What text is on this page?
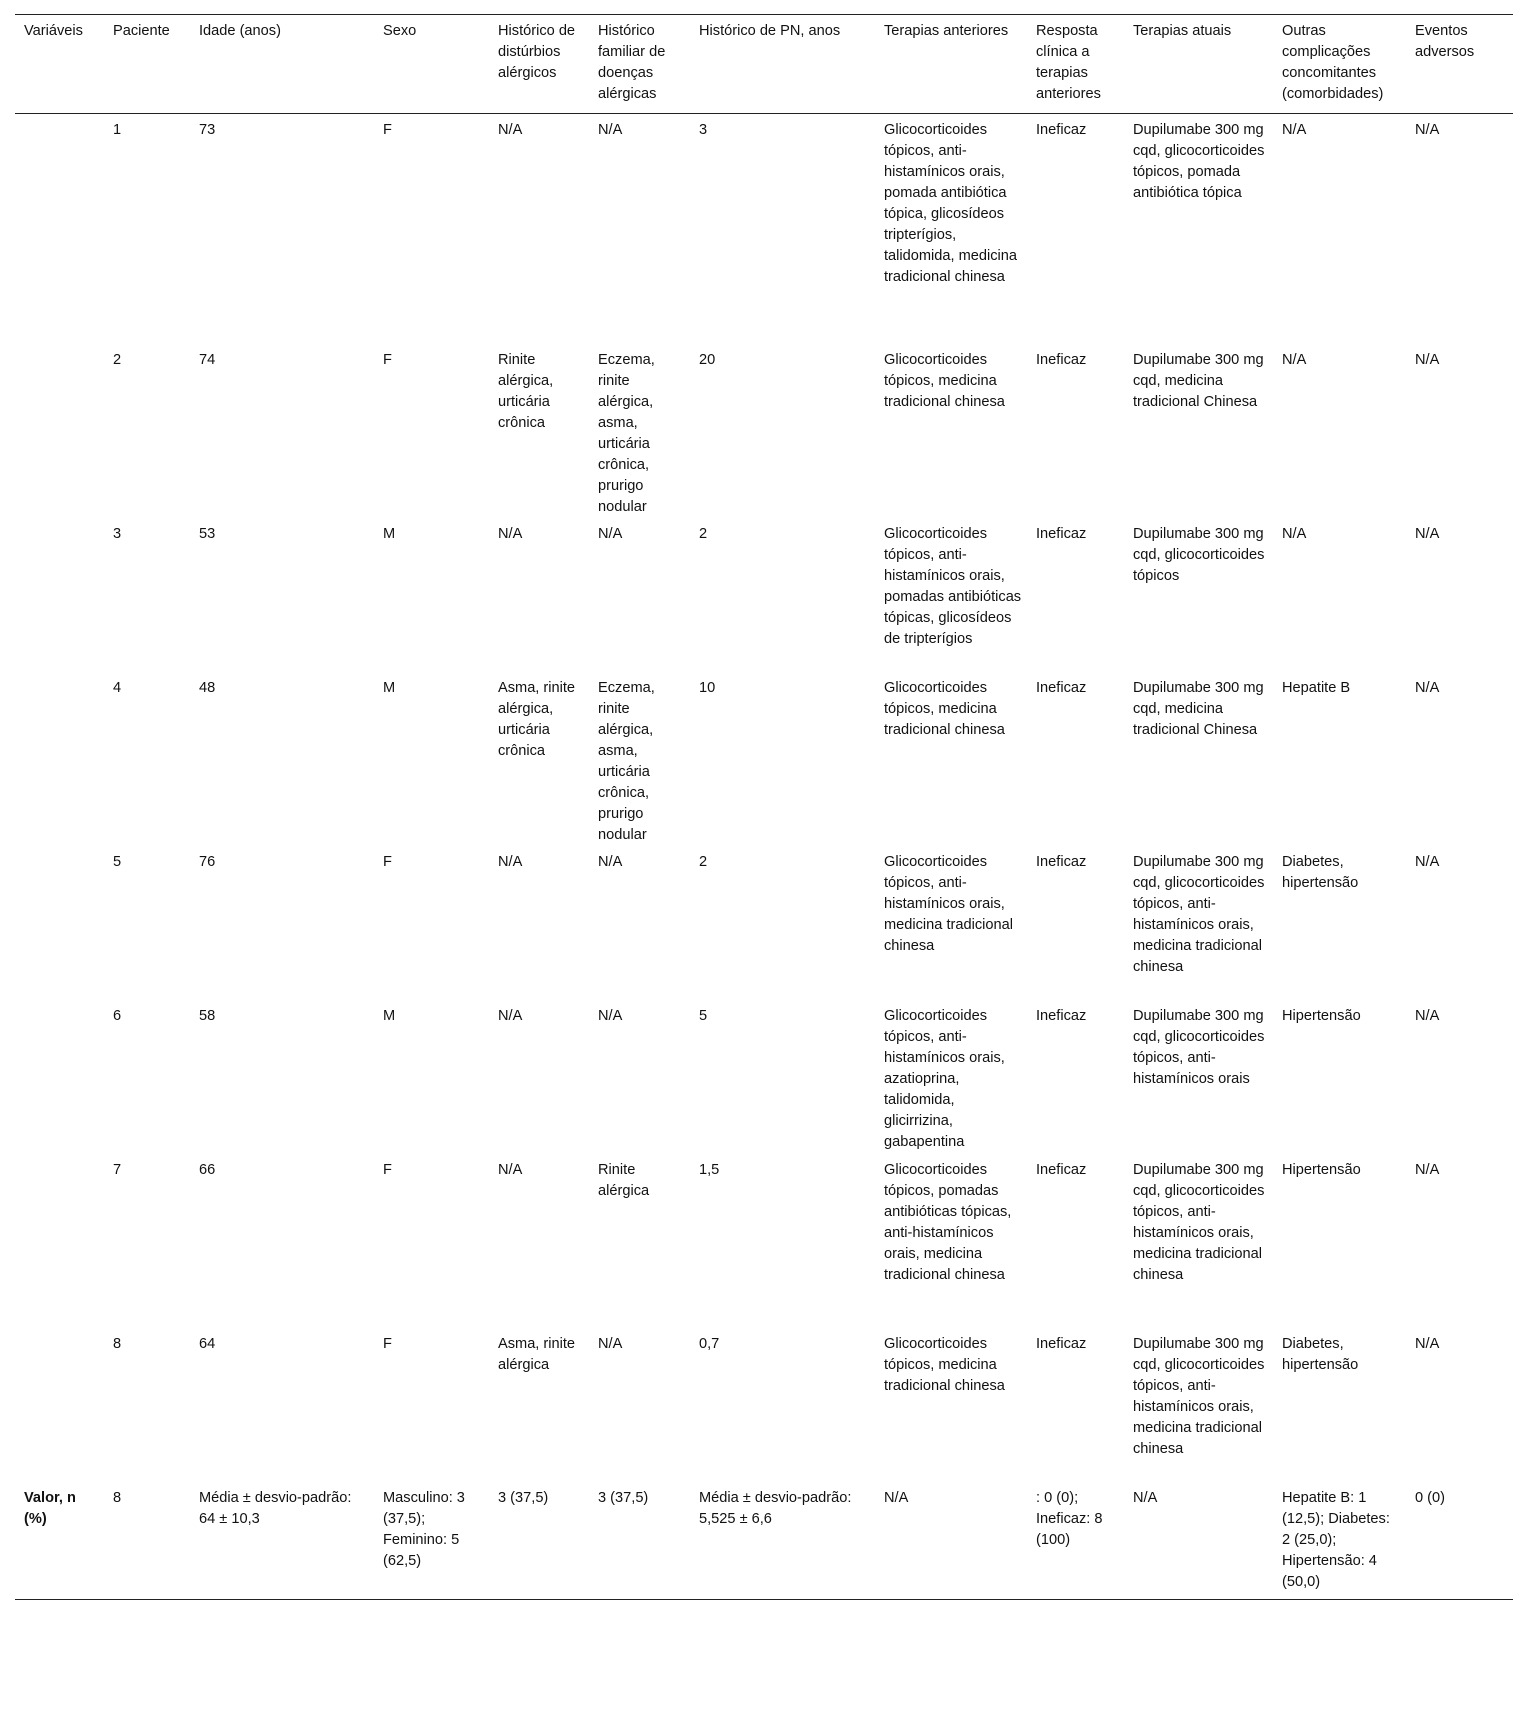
Variáveis	Paciente	Idade (anos)	Sexo	Histórico de distúrbios alérgicos	Histórico familiar de doenças alérgicas	Histórico de PN, anos	Terapias anteriores	Resposta clínica a terapias anteriores	Terapias atuais	Outras complicações concomitantes (comorbidades)	Eventos adversos
	1	73	F	N/A	N/A	3	Glicocorticoides tópicos, anti-histamínicos orais, pomada antibiótica tópica, glicosídeos tripterígios, talidomida, medicina tradicional chinesa	Ineficaz	Dupilumabe 300 mg cqd, glicocorticoides tópicos, pomada antibiótica tópica	N/A	N/A
	2	74	F	Rinite alérgica, urticária crônica	Eczema, rinite alérgica, asma, urticária crônica, prurigo nodular	20	Glicocorticoides tópicos, medicina tradicional chinesa	Ineficaz	Dupilumabe 300 mg cqd, medicina tradicional Chinesa	N/A	N/A
	3	53	M	N/A	N/A	2	Glicocorticoides tópicos, anti-histamínicos orais, pomadas antibióticas tópicas, glicosídeos de tripterígios	Ineficaz	Dupilumabe 300 mg cqd, glicocorticoides tópicos	N/A	N/A
	4	48	M	Asma, rinite alérgica, urticária crônica	Eczema, rinite alérgica, asma, urticária crônica, prurigo nodular	10	Glicocorticoides tópicos, medicina tradicional chinesa	Ineficaz	Dupilumabe 300 mg cqd, medicina tradicional Chinesa	Hepatite B	N/A
	5	76	F	N/A	N/A	2	Glicocorticoides tópicos, anti-histamínicos orais, medicina tradicional chinesa	Ineficaz	Dupilumabe 300 mg cqd, glicocorticoides tópicos, anti-histamínicos orais, medicina tradicional chinesa	Diabetes, hipertensão	N/A
	6	58	M	N/A	N/A	5	Glicocorticoides tópicos, anti-histamínicos orais, azatioprina, talidomida, glicirrizina, gabapentina	Ineficaz	Dupilumabe 300 mg cqd, glicocorticoides tópicos, anti-histamínicos orais	Hipertensão	N/A
	7	66	F	N/A	Rinite alérgica	1,5	Glicocorticoides tópicos, pomadas antibióticas tópicas, anti-histamínicos orais, medicina tradicional chinesa	Ineficaz	Dupilumabe 300 mg cqd, glicocorticoides tópicos, anti-histamínicos orais, medicina tradicional chinesa	Hipertensão	N/A
	8	64	F	Asma, rinite alérgica	N/A	0,7	Glicocorticoides tópicos, medicina tradicional chinesa	Ineficaz	Dupilumabe 300 mg cqd, glicocorticoides tópicos, anti-histamínicos orais, medicina tradicional chinesa	Diabetes, hipertensão	N/A
Valor, n (%)	8	Média ± desvio-padrão: 64 ± 10,3	Masculino: 3 (37,5); Feminino: 5 (62,5)	3 (37,5)	3 (37,5)	Média ± desvio-padrão: 5,525 ± 6,6	N/A	: 0 (0); Ineficaz: 8 (100)	N/A	Hepatite B: 1 (12,5); Diabetes: 2 (25,0); Hipertensão: 4 (50,0)	0 (0)
